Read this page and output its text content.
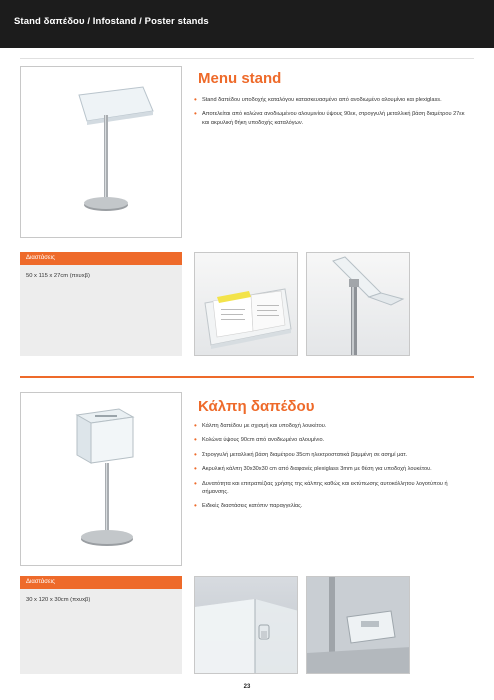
Stand δαπέδου / Infostand / Poster stands
Menu stand
• Stand δαπέδου υποδοχής καταλόγου κατασκευασμένο από ανοδιωμένο αλουμίνιο και plexiglass.
• Αποτελείται από κολώνα ανοδιωμένου αλουμινίου ύψους 90εκ, στρογγυλή μεταλλική βάση διαμέτρου 27εκ και ακρυλική θήκη υποδοχής καταλόγων.
Διαστάσεις
50 x 115 x 27cm (πxυxβ)
Κάλπη δαπέδου
• Κάλπη δαπέδου με σχισμή και υποδοχή λουκέτου.
• Κολώνα ύψους 90cm από ανοδιωμένο αλουμίνιο.
• Στρογγυλή μεταλλική βάση διαμέτρου 35cm ηλεκτροστατικά βαμμένη σε ασημί ματ.
• Ακρυλική κάλπη 30x30x30 cm από διαφανές plexiglass 3mm με θέση για υποδοχή λουκέτου.
• Δυνατότητα και επιτραπέζιας χρήσης της κάλπης καθώς και εκτύπωσης αυτοκόλλητου λογοτύπου ή σήμανσης.
• Ειδικές διαστάσεις κατόπιν παραγγελίας.
Διαστάσεις
30 x 120 x 30cm (πxυxβ)
23
